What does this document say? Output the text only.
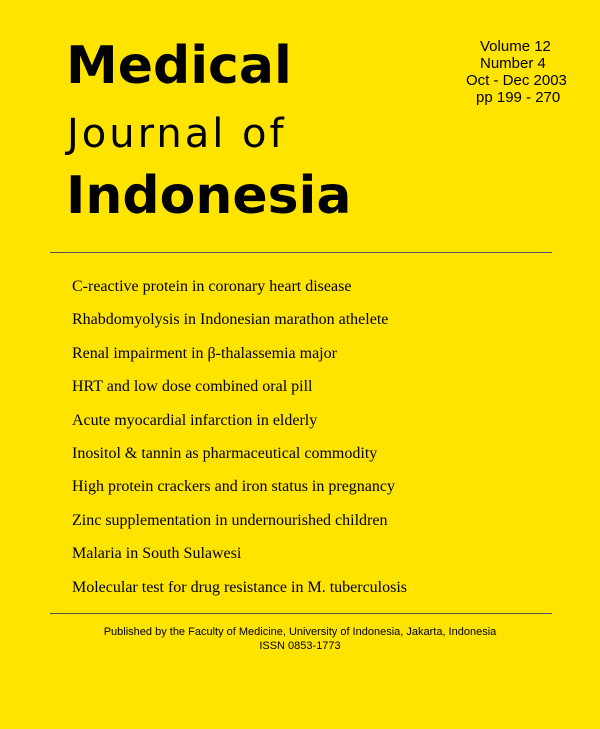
Medical
Journal of
Indonesia
Volume 12
Number 4
Oct - Dec 2003
pp 199 - 270
C-reactive protein in coronary heart disease
Rhabdomyolysis in Indonesian marathon athelete
Renal impairment in β-thalassemia major
HRT and low dose combined oral pill
Acute myocardial infarction in elderly
Inositol & tannin as pharmaceutical commodity
High protein crackers and iron status in pregnancy
Zinc supplementation in undernourished children
Malaria in South Sulawesi
Molecular test for drug resistance in M. tuberculosis
Published by the Faculty of Medicine, University of Indonesia, Jakarta, Indonesia
ISSN 0853-1773
